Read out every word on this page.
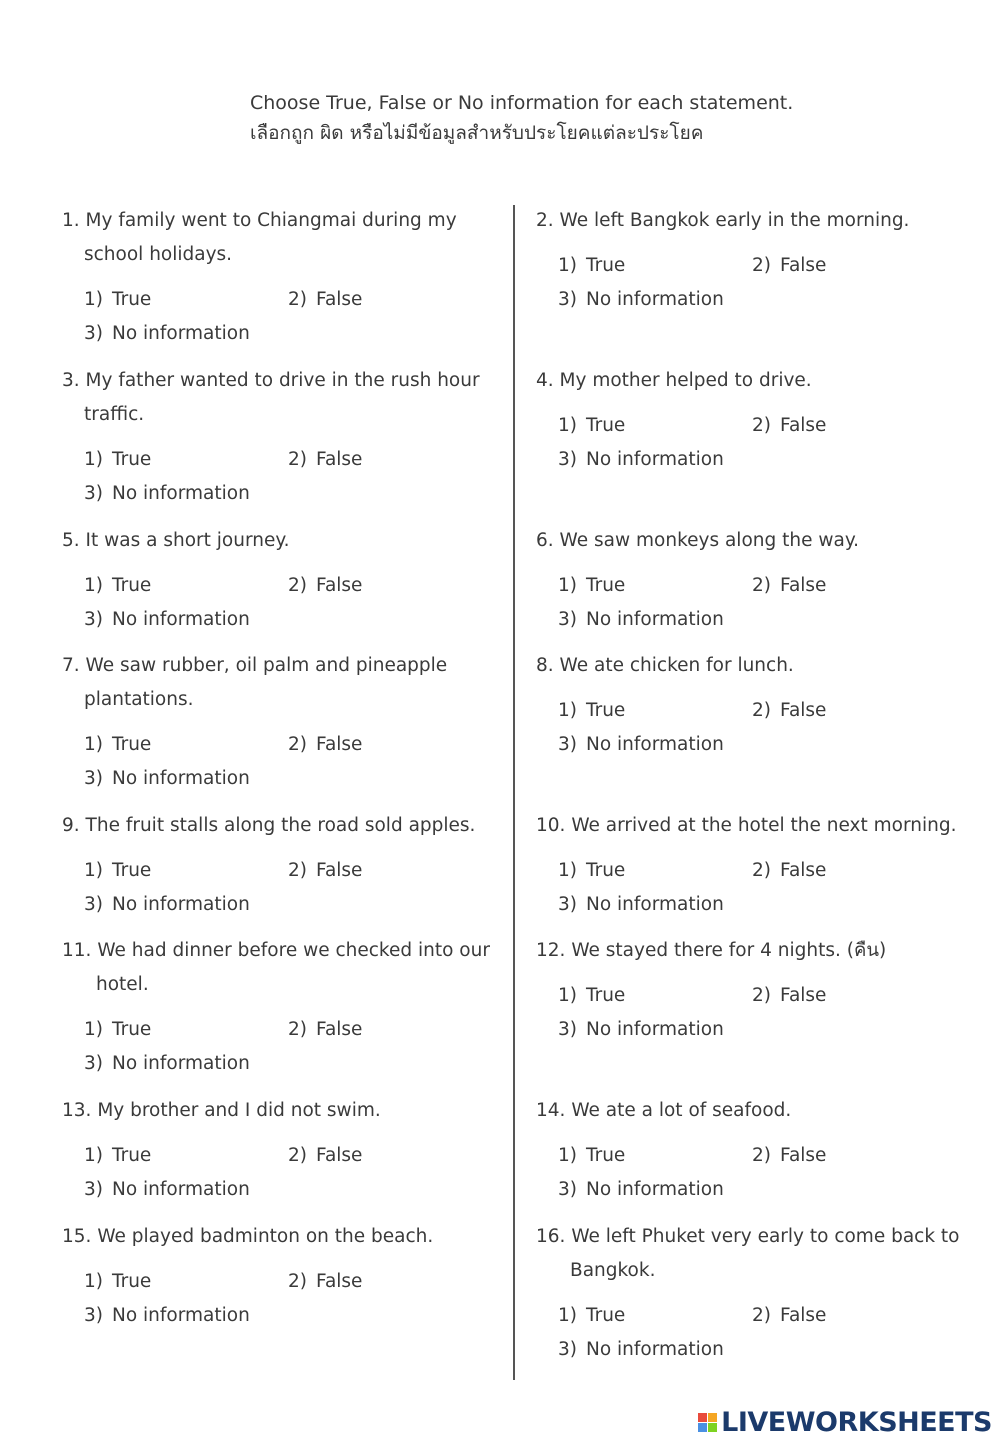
Choose True, False or No information for each statement.
เลือกถูก ผิด หรือไม่มีข้อมูลสำหรับประโยคแต่ละประโยค
1. My family went to Chiangmai during my
school holidays.
1) True	2) False
3) No information
3. My father wanted to drive in the rush hour
traffic.
1) True	2) False
3) No information
5. It was a short journey.
1) True	2) False
3) No information
7. We saw rubber, oil palm and pineapple
plantations.
1) True	2) False
3) No information
9. The fruit stalls along the road sold apples.
1) True	2) False
3) No information
11. We had dinner before we checked into our
hotel.
1) True	2) False
3) No information
13. My brother and I did not swim.
1) True	2) False
3) No information
15. We played badminton on the beach.
1) True	2) False
3) No information
2. We left Bangkok early in the morning.
1) True	2) False
3) No information
4. My mother helped to drive.
1) True	2) False
3) No information
6. We saw monkeys along the way.
1) True	2) False
3) No information
8. We ate chicken for lunch.
1) True	2) False
3) No information
10. We arrived at the hotel the next morning.
1) True	2) False
3) No information
12. We stayed there for 4 nights. (คืน)
1) True	2) False
3) No information
14. We ate a lot of seafood.
1) True	2) False
3) No information
16. We left Phuket very early to come back to
Bangkok.
1) True	2) False
3) No information
LIVEWORKSHEETS
